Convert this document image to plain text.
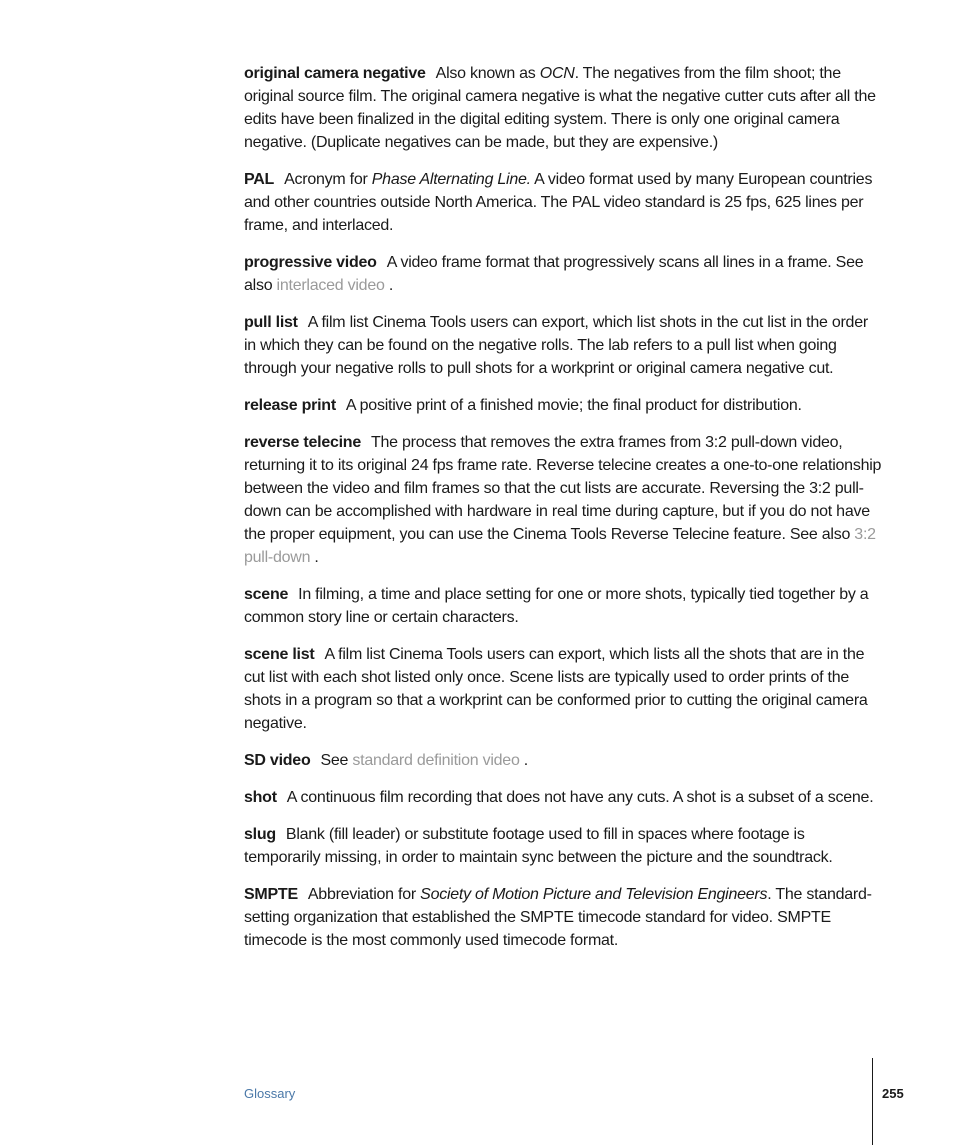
original camera negative Also known as OCN. The negatives from the film shoot; the original source film. The original camera negative is what the negative cutter cuts after all the edits have been finalized in the digital editing system. There is only one original camera negative. (Duplicate negatives can be made, but they are expensive.)

PAL Acronym for Phase Alternating Line. A video format used by many European countries and other countries outside North America. The PAL video standard is 25 fps, 625 lines per frame, and interlaced.

progressive video A video frame format that progressively scans all lines in a frame. See also interlaced video .

pull list A film list Cinema Tools users can export, which list shots in the cut list in the order in which they can be found on the negative rolls. The lab refers to a pull list when going through your negative rolls to pull shots for a workprint or original camera negative cut.

release print A positive print of a finished movie; the final product for distribution.

reverse telecine The process that removes the extra frames from 3:2 pull-down video, returning it to its original 24 fps frame rate. Reverse telecine creates a one-to-one relationship between the video and film frames so that the cut lists are accurate. Reversing the 3:2 pull-down can be accomplished with hardware in real time during capture, but if you do not have the proper equipment, you can use the Cinema Tools Reverse Telecine feature. See also 3:2 pull-down .

scene In filming, a time and place setting for one or more shots, typically tied together by a common story line or certain characters.

scene list A film list Cinema Tools users can export, which lists all the shots that are in the cut list with each shot listed only once. Scene lists are typically used to order prints of the shots in a program so that a workprint can be conformed prior to cutting the original camera negative.

SD video See standard definition video .

shot A continuous film recording that does not have any cuts. A shot is a subset of a scene.

slug Blank (fill leader) or substitute footage used to fill in spaces where footage is temporarily missing, in order to maintain sync between the picture and the soundtrack.

SMPTE Abbreviation for Society of Motion Picture and Television Engineers. The standard-setting organization that established the SMPTE timecode standard for video. SMPTE timecode is the most commonly used timecode format.

Glossary	255
